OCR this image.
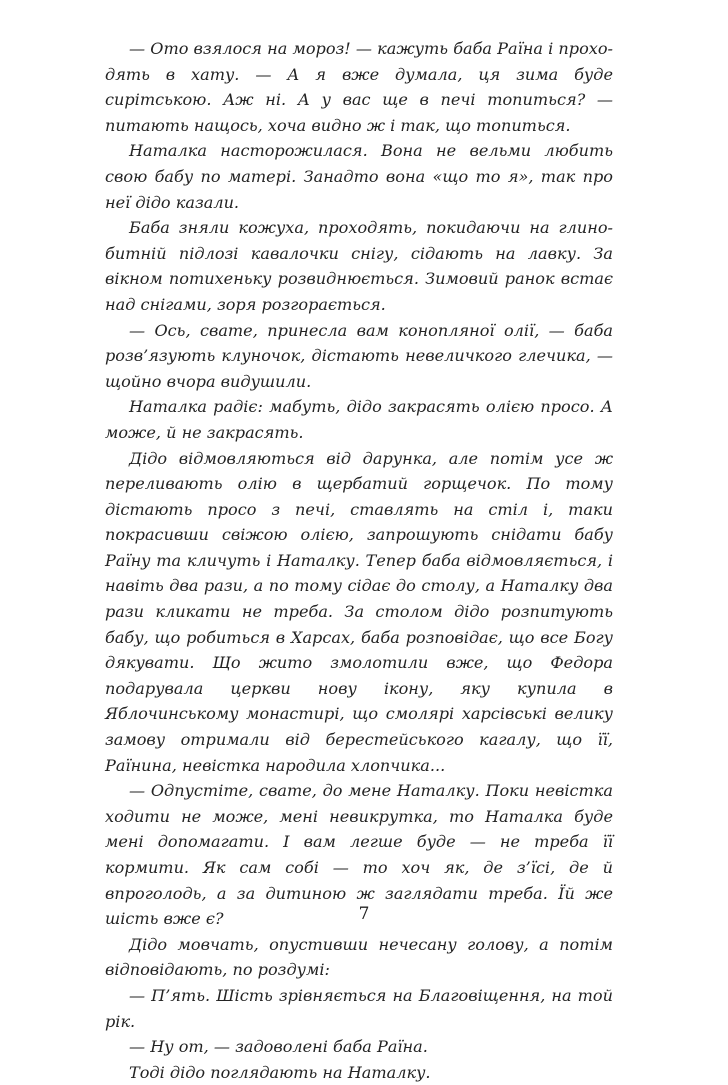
— Ото взялося на мороз! — кажуть баба Раїна і проходять в хату. — А я вже думала, ця зима буде сирітською. Аж ні. А у вас ще в печі топиться? — питають нащось, хоча видно ж і так, що топиться.

Наталка насторожилася. Вона не вельми любить свою бабу по матері. Занадто вона «що то я», так про неї дідо казали.

Баба зняли кожуха, проходять, покидаючи на глинобитній підлозі кавалочки снігу, сідають на лавку. За вікном потихеньку розвиднюється. Зимовий ранок встає над снігами, зоря розгорається.

— Ось, свате, принесла вам конопляної олії, — баба розв’язують клуночок, дістають невеличкого глечика, — щойно вчора видушили.

Наталка радіє: мабуть, дідо закрасять олією просо. А може, й не закрасять.

Дідо відмовляються від дарунка, але потім усе ж переливають олію в щербатий горщечок. По тому дістають просо з печі, ставлять на стіл і, таки покрасивши свіжою олією, запрошують снідати бабу Раїну та кличуть і Наталку. Тепер баба відмовляється, і навіть два рази, а по тому сідає до столу, а Наталку два рази кликати не треба. За столом дідо розпитують бабу, що робиться в Харсах, баба розповідає, що все Богу дякувати. Що жито змолотили вже, що Федора подарувала церкви нову ікону, яку купила в Яблочинському монастирі, що смолярі харсівські велику замову отримали від берестейського кагалу, що її, Раїнина, невістка народила хлопчика...

— Одпустіте, свате, до мене Наталку. Поки невістка ходити не може, мені невикрутка, то Наталка буде мені допомагати. І вам легше буде — не треба її кормити. Як сам собі — то хоч як, де з’їсi, де й впроголодь, а за дитиною ж заглядати треба. Їй же шість вже є?

Дідо мовчать, опустивши нечесану голову, а потім відповідають, по роздумі:

— П’ять. Шість зрівняється на Благовіщення, на той рік.

— Ну от, — задоволені баба Раїна.

Тоді дідо поглядають на Наталку.

7
